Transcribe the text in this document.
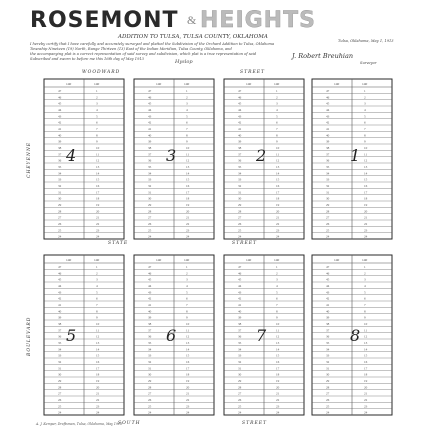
ROSEMONT & HEIGHTS
ADDITION TO TULSA, TULSA COUNTY, OKLAHOMA
I hereby certify that I have carefully and accurately surveyed and platted the Subdivision of the Orchard Addition to Tulsa, Oklahoma
Township Nineteen (19) North, Range Thirteen (13) East of the Indian Meridian, Tulsa County, Oklahoma, and
the accompanying plat is a correct representation of said survey and subdivision, which plat is a true representation of said
Subscribed and sworn to before me this 16th day of May 1913
Tulsa, Oklahoma, May 1, 1913
J. Robert Breuhian
Surveyor
Hyslop
WOODWARD	STREET
STATE	STREET
SOUTH	STREET
CHEYENNE
BOULEVARD
140	140
47	1
46	2
45	3
44	4
43	5
42	6
41	7
40	8
39	9
38	10
37	11
36	12
35	13
34	14
33	15
32	16
31	17
30	18
29	19
28	20
27	21
26	22
25	23
24	24
4
140	140
47	1
46	2
45	3
44	4
43	5
42	6
41	7
40	8
39	9
38	10
37	11
36	12
35	13
34	14
33	15
32	16
31	17
30	18
29	19
28	20
27	21
26	22
25	23
24	24
3
140	140
47	1
46	2
45	3
44	4
43	5
42	6
41	7
40	8
39	9
38	10
37	11
36	12
35	13
34	14
33	15
32	16
31	17
30	18
29	19
28	20
27	21
26	22
25	23
24	24
2
140	140
47	1
46	2
45	3
44	4
43	5
42	6
41	7
40	8
39	9
38	10
37	11
36	12
35	13
34	14
33	15
32	16
31	17
30	18
29	19
28	20
27	21
26	22
25	23
24	24
1
140	140
47	1
46	2
45	3
44	4
43	5
42	6
41	7
40	8
39	9
38	10
37	11
36	12
35	13
34	14
33	15
32	16
31	17
30	18
29	19
28	20
27	21
26	22
25	23
24	24
5
140	140
47	1
46	2
45	3
44	4
43	5
42	6
41	7
40	8
39	9
38	10
37	11
36	12
35	13
34	14
33	15
32	16
31	17
30	18
29	19
28	20
27	21
26	22
25	23
24	24
6
140	140
47	1
46	2
45	3
44	4
43	5
42	6
41	7
40	8
39	9
38	10
37	11
36	12
35	13
34	14
33	15
32	16
31	17
30	18
29	19
28	20
27	21
26	22
25	23
24	24
7
140	140
47	1
46	2
45	3
44	4
43	5
42	6
41	7
40	8
39	9
38	10
37	11
36	12
35	13
34	14
33	15
32	16
31	17
30	18
29	19
28	20
27	21
26	22
25	23
24	24
8
A. J. Kemper, Draftsman, Tulsa, Oklahoma, May 1913
